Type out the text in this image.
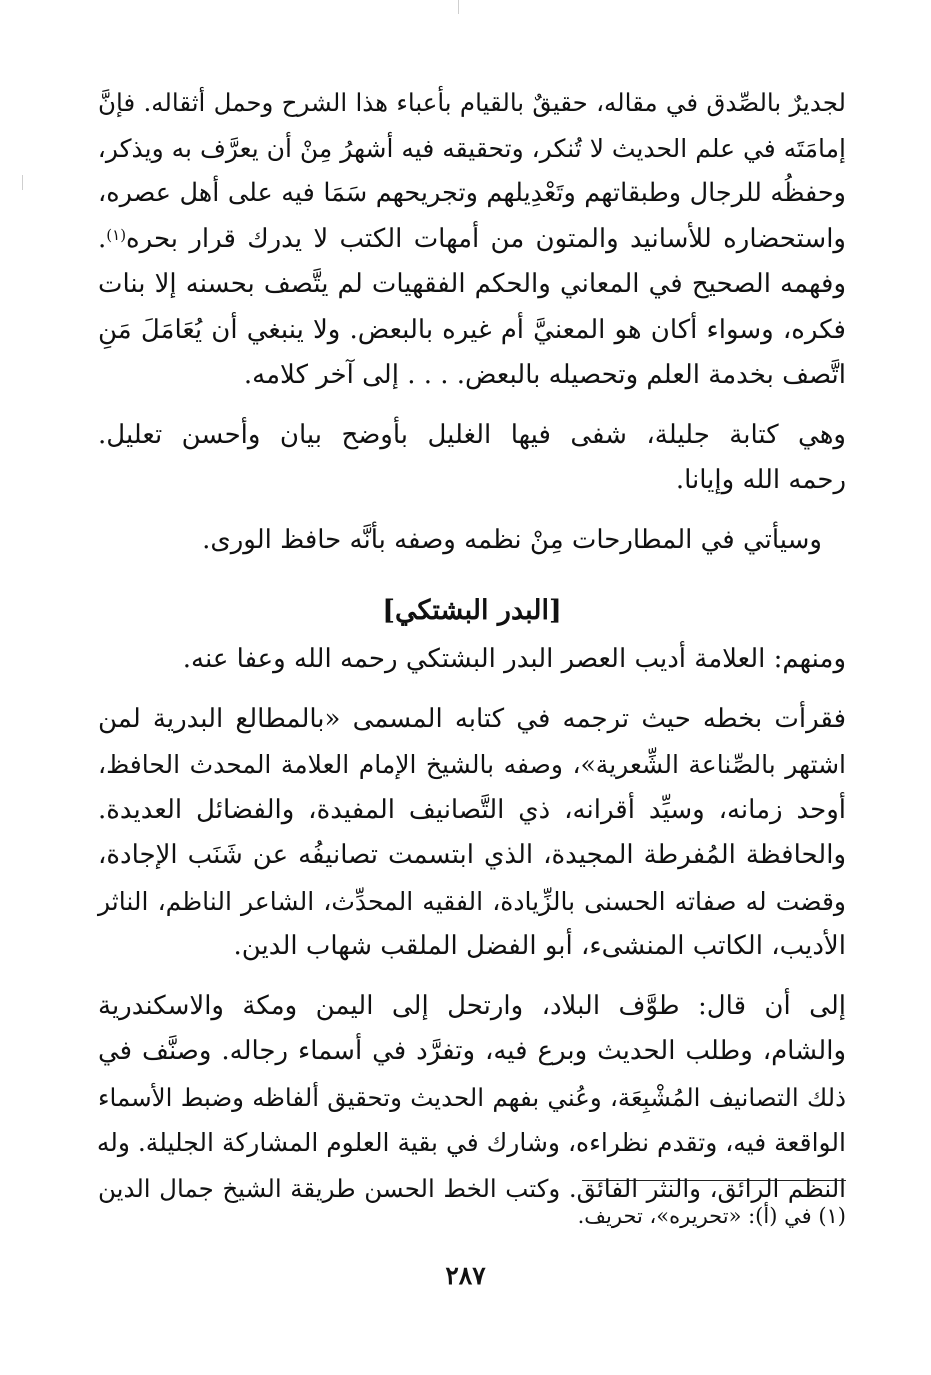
لجديرٌ بالصِّدق في مقاله، حقيقٌ بالقيام بأعباء هذا الشرح وحمل أثقاله. فإنَّ
إمامَتَه في علم الحديث لا تُنكر، وتحقيقه فيه أشهرُ مِنْ أن يعرَّف به ويذكر،
وحفظُه للرجال وطبقاتهم وتَعْدِيلهم وتجريحهم سَمَا فيه على أهل عصره،
واستحضاره للأسانيد والمتون من أمهات الكتب لا يدرك قرار بحره$^{(١)}$.
وفهمه الصحيح في المعاني والحكم الفقهيات لم يتَّصف بحسنه إلا بنات
فكره، وسواء أكان هو المعنيَّ أم غيره بالبعض. ولا ينبغي أن يُعَامَلَ مَنِ
اتَّصف بخدمة العلم وتحصيله بالبعض. . . . إلى آخر كلامه.

وهي كتابة جليلة، شفى فيها الغليل بأوضح بيان وأحسن تعليل.
رحمه الله وإيانا.

وسيأتي في المطارحات مِنْ نظمه وصفه بأنَّه حافظ الورى.

[البدر البشتكي]

ومنهم: العلامة أديب العصر البدر البشتكي رحمه الله وعفا عنه.

فقرأت بخطه حيث ترجمه في كتابه المسمى «بالمطالع البدرية لمن
اشتهر بالصِّناعة الشِّعرية»، وصفه بالشيخ الإمام العلامة المحدث الحافظ،
أوحد زمانه، وسيِّد أقرانه، ذي التَّصانيف المفيدة، والفضائل العديدة.
والحافظة المُفرطة المجيدة، الذي ابتسمت تصانيفُه عن شَنَب الإجادة،
وقضت له صفاته الحسنى بالزِّيادة، الفقيه المحدِّث، الشاعر الناظم، الناثر
الأديب، الكاتب المنشىء، أبو الفضل الملقب شهاب الدين.

إلى أن قال: طوَّف البلاد، وارتحل إلى اليمن ومكة والاسكندرية
والشام، وطلب الحديث وبرع فيه، وتفرَّد في أسماء رجاله. وصنَّف في
ذلك التصانيف المُشْبِعَة، وعُني بفهم الحديث وتحقيق ألفاظه وضبط الأسماء
الواقعة فيه، وتقدم نظراءه، وشارك في بقية العلوم المشاركة الجليلة. وله
النظم الرائق، والنثر الفائق. وكتب الخط الحسن طريقة الشيخ جمال الدين

(١) في (أ): «تحريره»، تحريف.
٢٨٧
